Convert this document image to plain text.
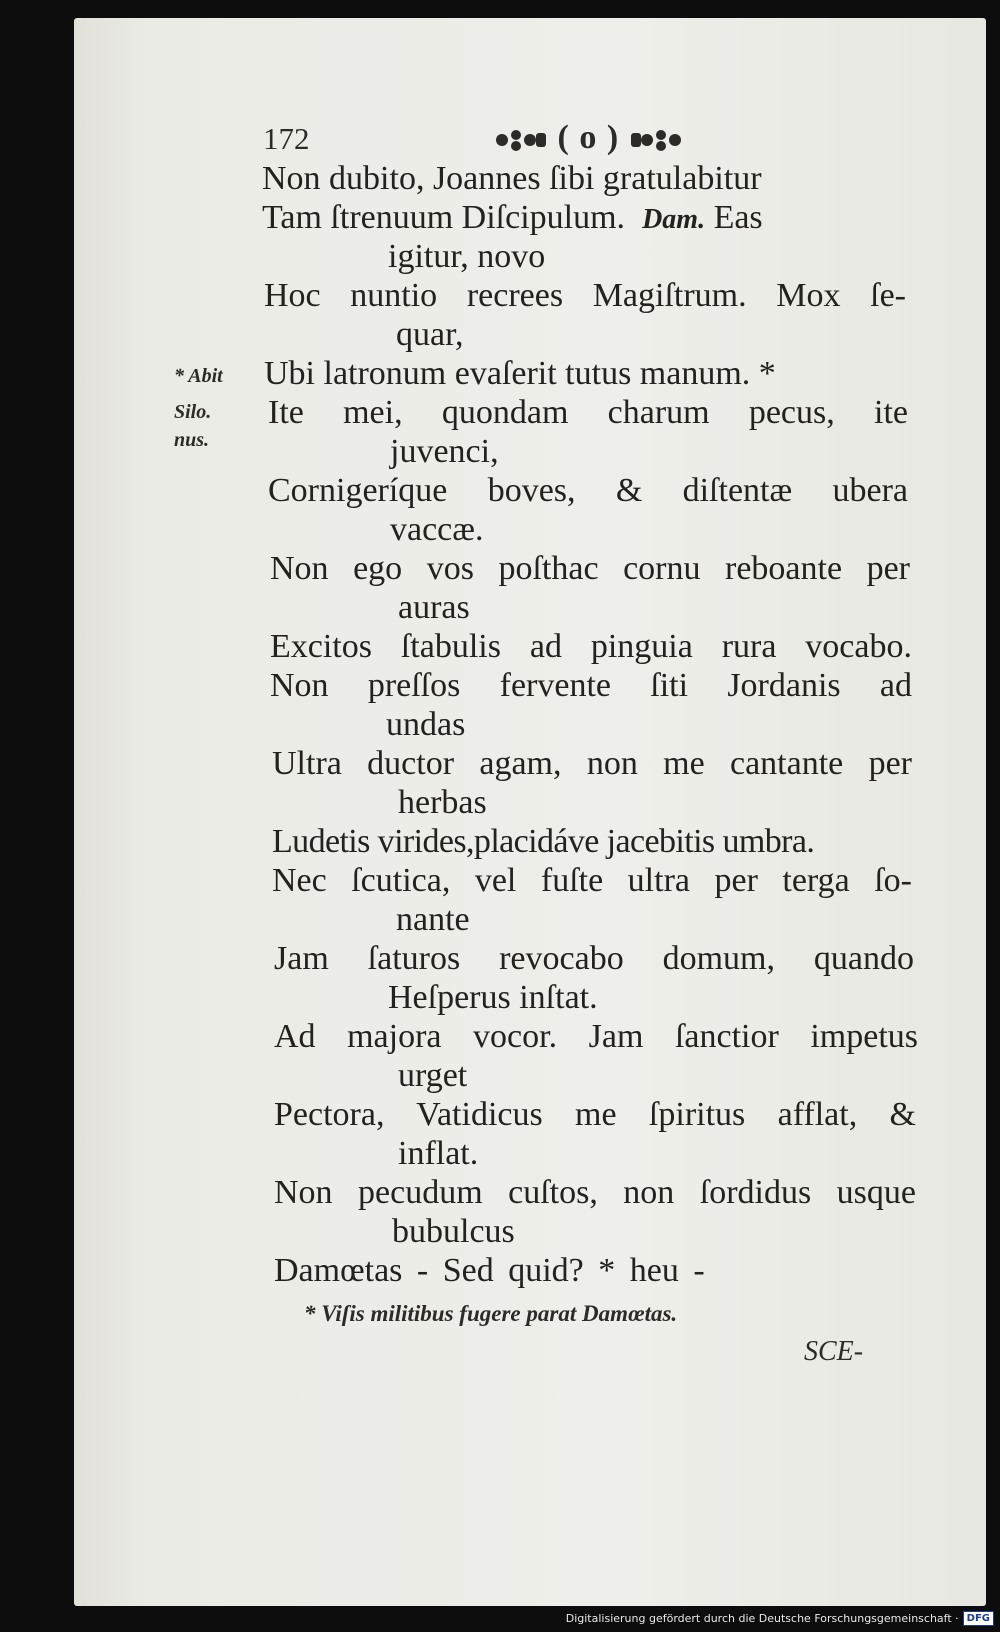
172	( o )
Non dubito, Joannes ſibi gratulabitur
Tam ſtrenuum Diſcipulum. Dam. Eas
igitur, novo
Hoc nuntio recrees Magiſtrum. Mox ſe-
quar,
Ubi latronum evaſerit tutus manum. *
Ite mei, quondam charum pecus, ite
juvenci,
Cornigeríque boves, & diſtentæ ubera
vaccæ.
Non ego vos poſthac cornu reboante per
auras
Excitos ſtabulis ad pinguia rura vocabo.
Non preſſos fervente ſiti Jordanis ad
undas
Ultra ductor agam, non me cantante per
herbas
Ludetis virides,placidáve jacebitis umbra.
Nec ſcutica, vel fuſte ultra per terga ſo-
nante
Jam ſaturos revocabo domum, quando
Heſperus inſtat.
Ad majora vocor. Jam ſanctior impetus
urget
Pectora, Vatidicus me ſpiritus afflat, &
inflat.
Non pecudum cuſtos, non ſordidus usque
bubulcus
Damœtas - Sed quid? * heu -
* Abit
Silo.
nus.
* Viſis militibus fugere parat Damœtas.
SCE-
Digitalisierung gefördert durch die Deutsche Forschungsgemeinschaft · DFG
